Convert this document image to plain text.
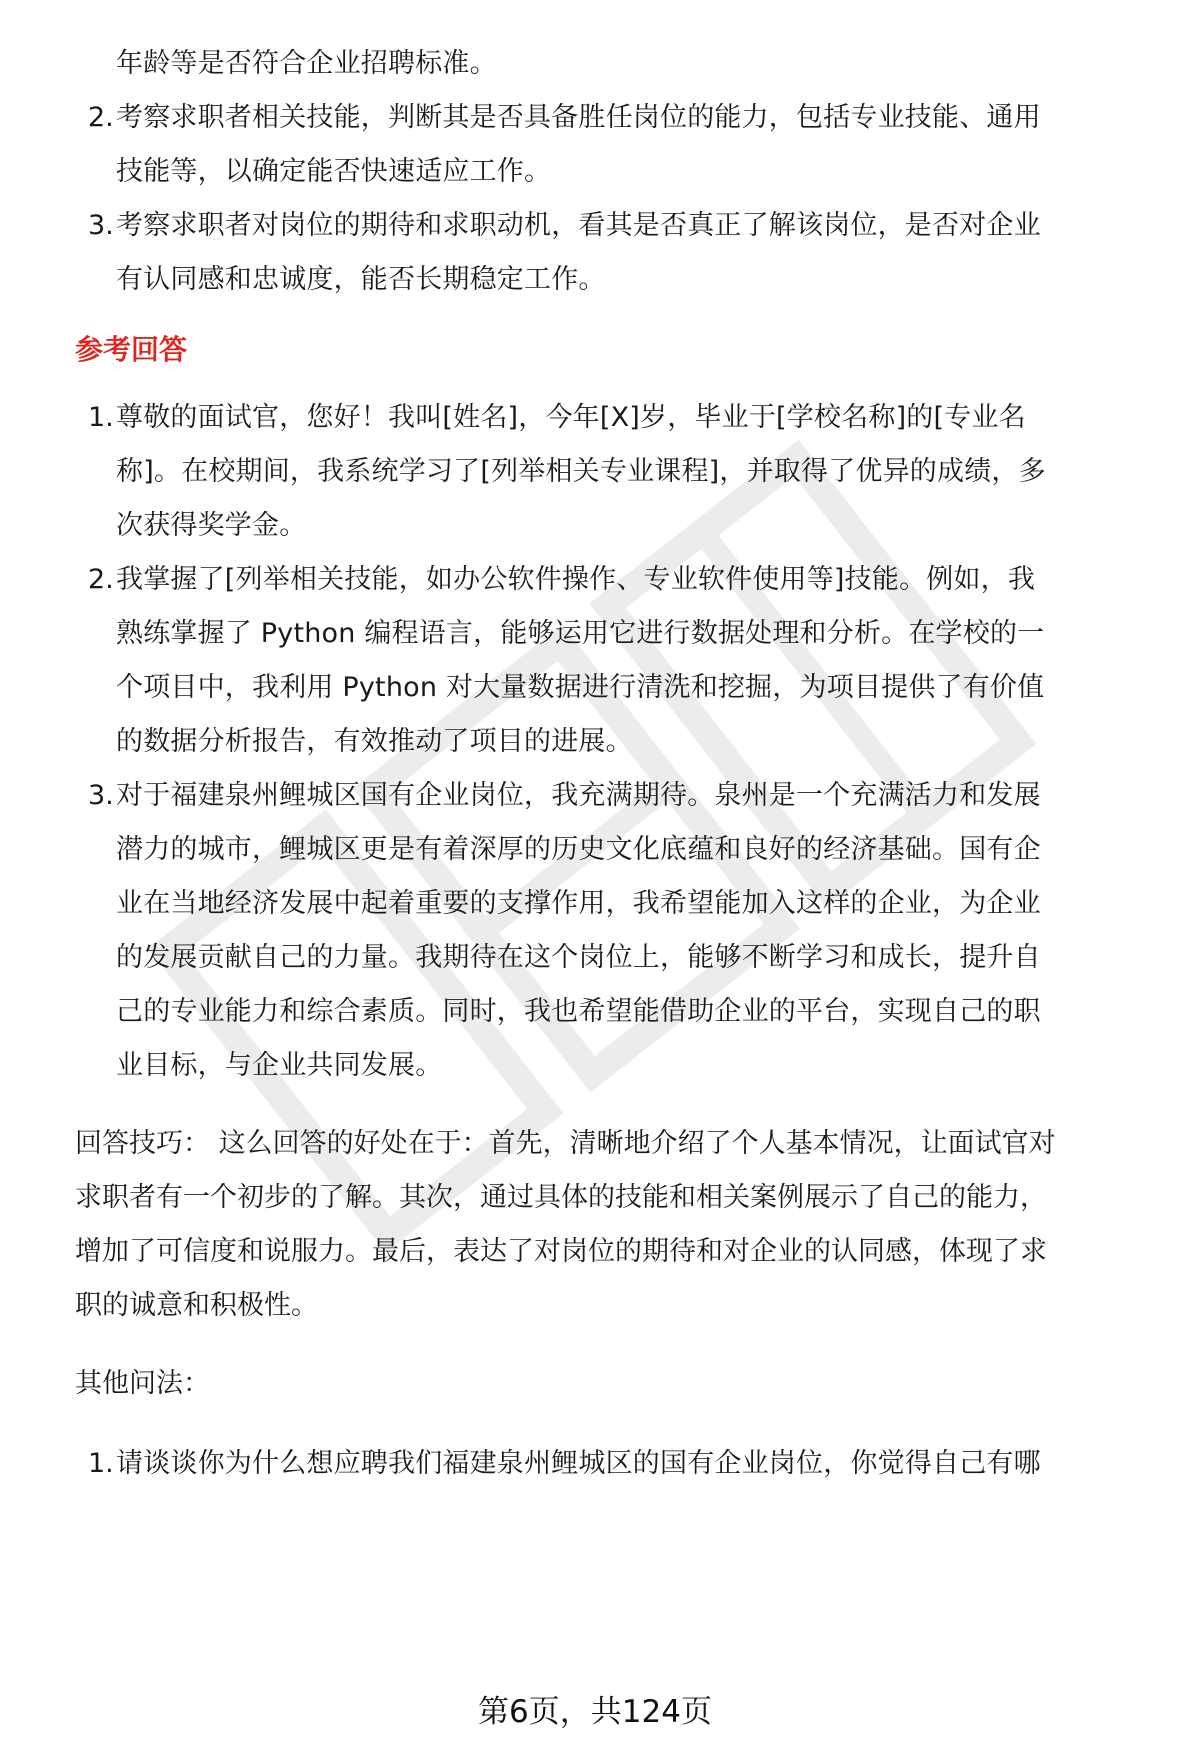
年龄等是否符合企业招聘标准。
2. 考察求职者相关技能，判断其是否具备胜任岗位的能力，包括专业技能、通用
技能等，以确定能否快速适应工作。
3. 考察求职者对岗位的期待和求职动机，看其是否真正了解该岗位，是否对企业
有认同感和忠诚度，能否长期稳定工作。
参考回答
1. 尊敬的面试官，您好！我叫[姓名]，今年[X]岁，毕业于[学校名称]的[专业名
称]。在校期间，我系统学习了[列举相关专业课程]，并取得了优异的成绩，多
次获得奖学金。
2. 我掌握了[列举相关技能，如办公软件操作、专业软件使用等]技能。例如，我
熟练掌握了 Python 编程语言，能够运用它进行数据处理和分析。在学校的一
个项目中，我利用 Python 对大量数据进行清洗和挖掘，为项目提供了有价值
的数据分析报告，有效推动了项目的进展。
3. 对于福建泉州鲤城区国有企业岗位，我充满期待。泉州是一个充满活力和发展
潜力的城市，鲤城区更是有着深厚的历史文化底蕴和良好的经济基础。国有企
业在当地经济发展中起着重要的支撑作用，我希望能加入这样的企业，为企业
的发展贡献自己的力量。我期待在这个岗位上，能够不断学习和成长，提升自
己的专业能力和综合素质。同时，我也希望能借助企业的平台，实现自己的职
业目标，与企业共同发展。
回答技巧： 这么回答的好处在于：首先，清晰地介绍了个人基本情况，让面试官对
求职者有一个初步的了解。其次，通过具体的技能和相关案例展示了自己的能力，
增加了可信度和说服力。最后，表达了对岗位的期待和对企业的认同感，体现了求
职的诚意和积极性。
其他问法：
1. 请谈谈你为什么想应聘我们福建泉州鲤城区的国有企业岗位，你觉得自己有哪
第6页，共124页
